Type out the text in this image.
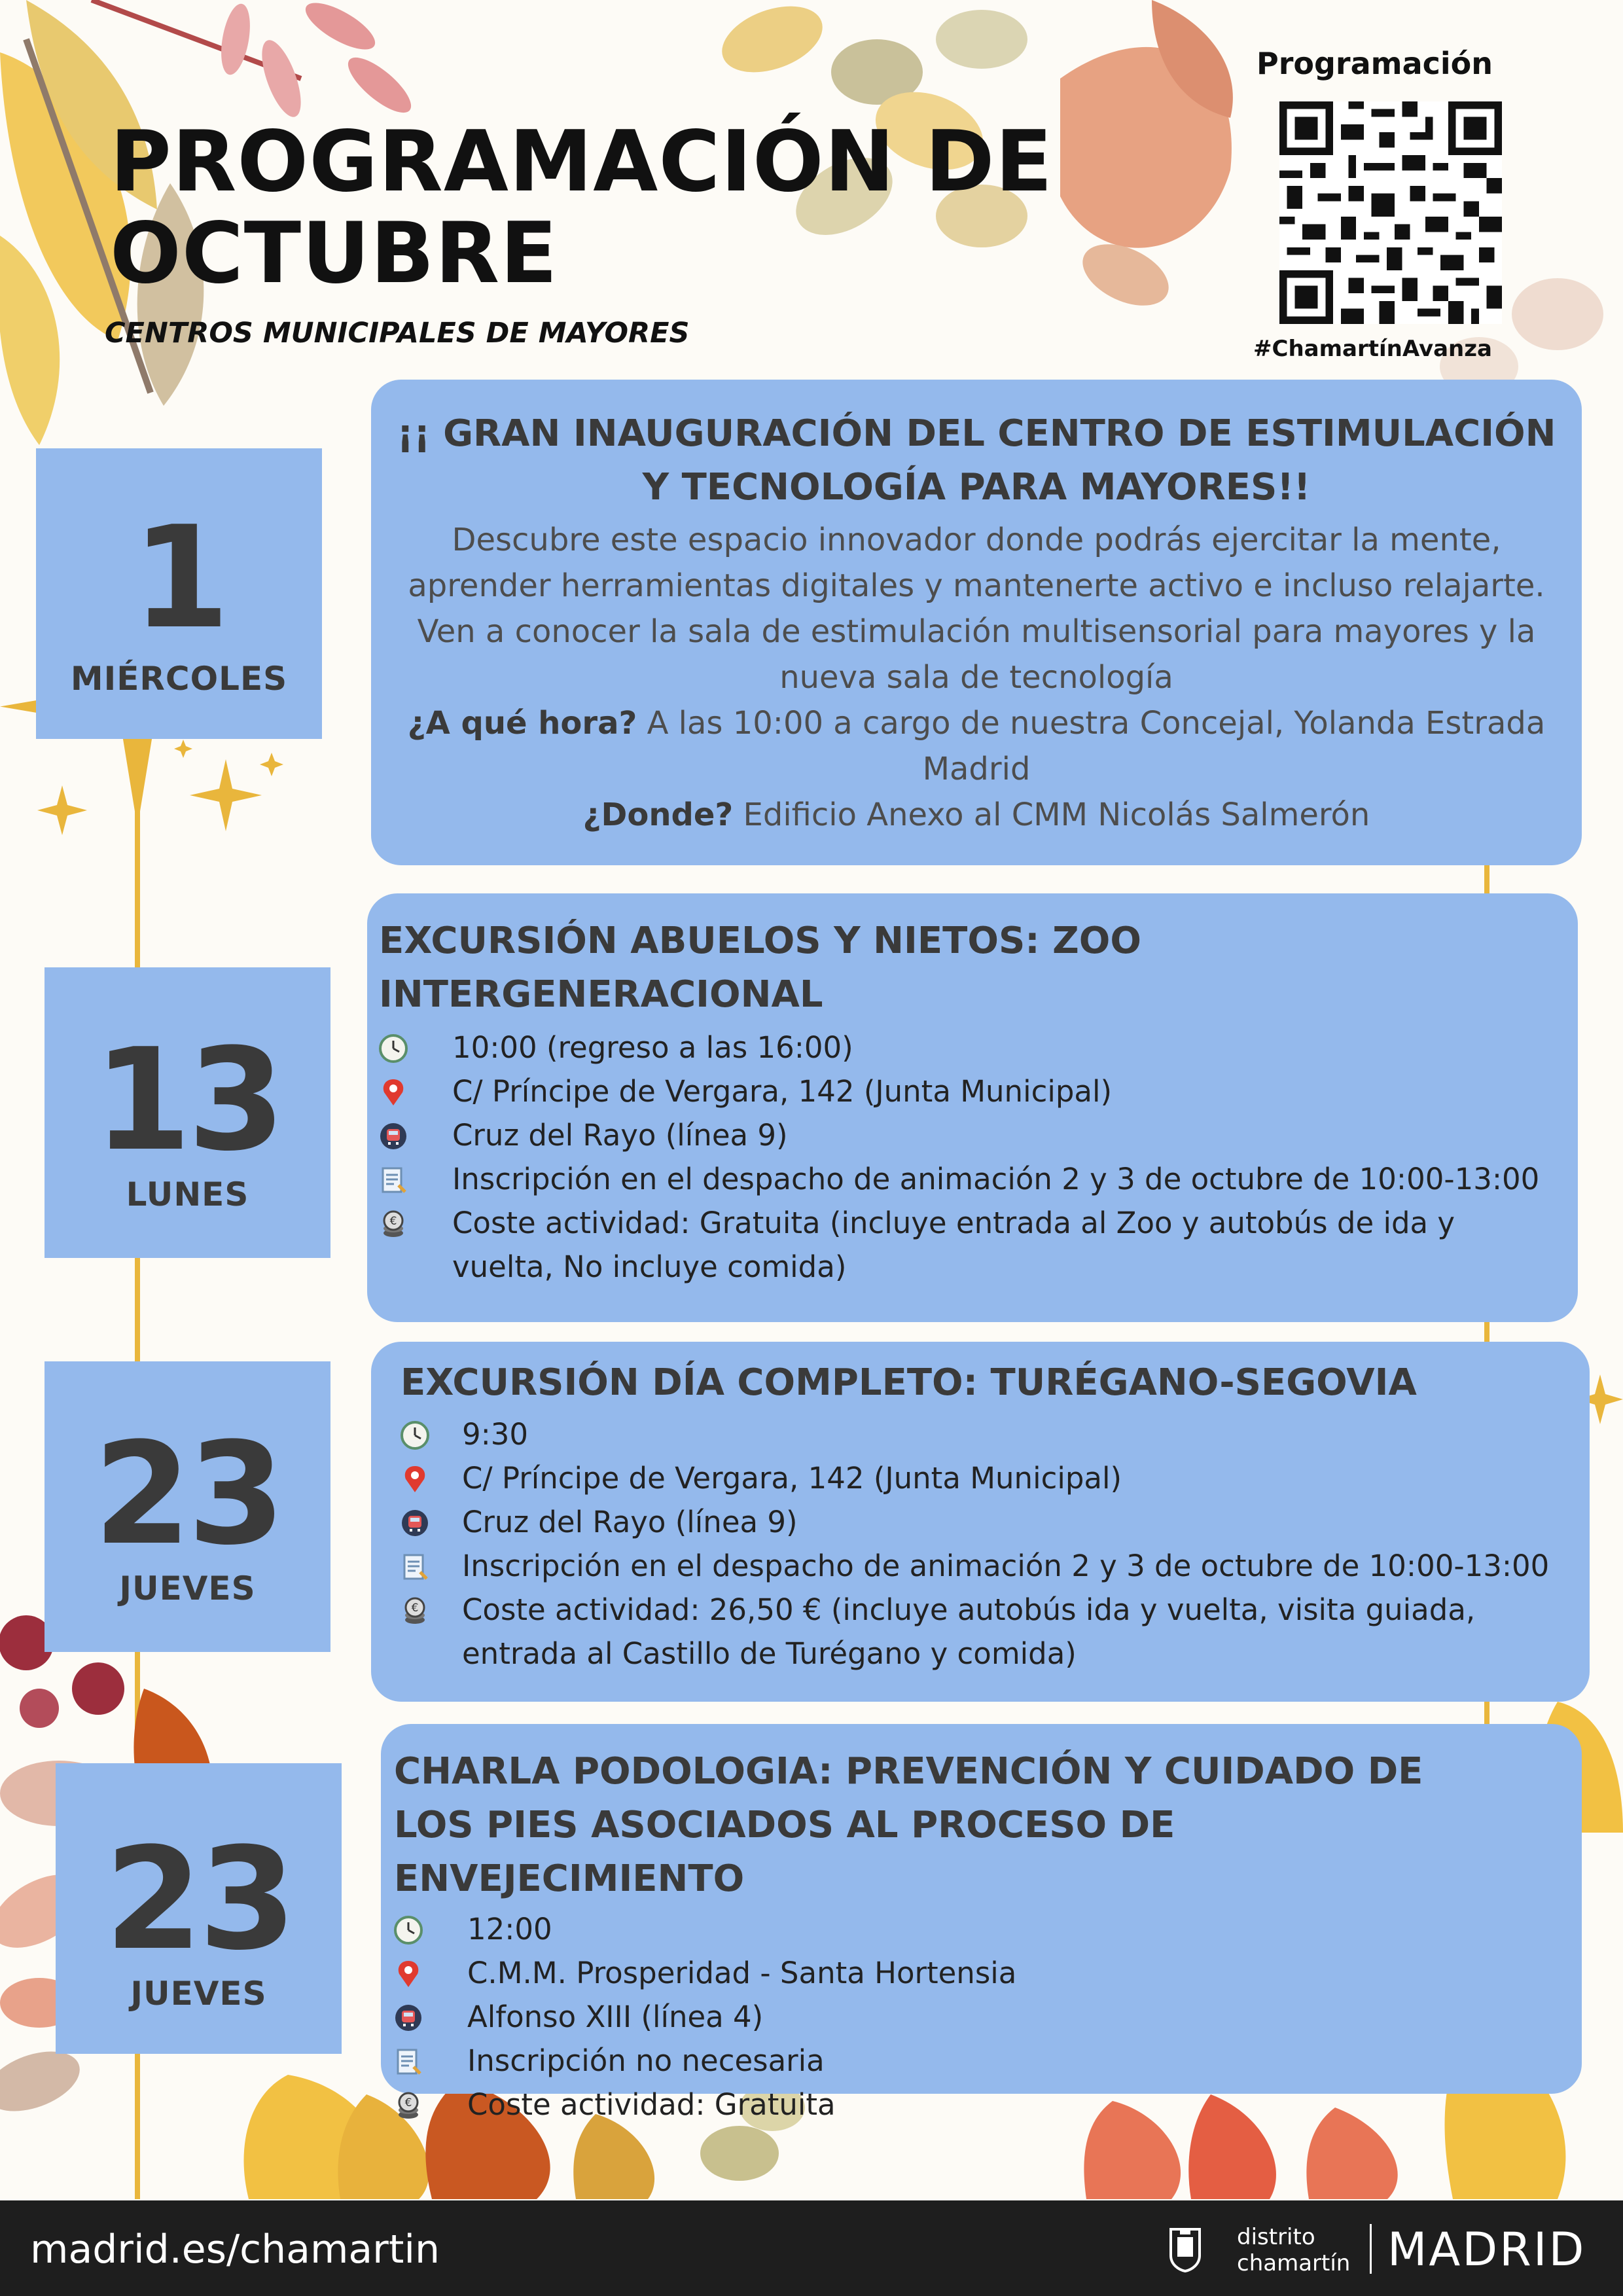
PROGRAMACIÓN DE
OCTUBRE
CENTROS MUNICIPALES DE MAYORES
Programación
#ChamartínAvanza
1
MIÉRCOLES
¡¡ GRAN INAUGURACIÓN DEL CENTRO DE ESTIMULACIÓN Y TECNOLOGÍA PARA MAYORES!!

Descubre este espacio innovador donde podrás ejercitar la mente, aprender herramientas digitales y mantenerte activo e incluso relajarte. Ven a conocer la sala de estimulación multisensorial para mayores y la nueva sala de tecnología

¿A qué hora? A las 10:00 a cargo de nuestra Concejal, Yolanda Estrada Madrid

¿Donde? Edificio Anexo al CMM Nicolás Salmerón

13
LUNES
EXCURSIÓN ABUELOS Y NIETOS: ZOO INTERGENERACIONAL
10:00 (regreso a las 16:00)
C/ Príncipe de Vergara, 142 (Junta Municipal)
Cruz del Rayo (línea 9)
Inscripción en el despacho de animación 2 y 3 de octubre de 10:00-13:00
€ Coste actividad: Gratuita (incluye entrada al Zoo y autobús de ida y vuelta, No incluye comida)
23
JUEVES
EXCURSIÓN DÍA COMPLETO: TURÉGANO-SEGOVIA
9:30
C/ Príncipe de Vergara, 142 (Junta Municipal)
Cruz del Rayo (línea 9)
Inscripción en el despacho de animación 2 y 3 de octubre de 10:00-13:00
€ Coste actividad: 26,50 € (incluye autobús ida y vuelta, visita guiada, entrada al Castillo de Turégano y comida)
23
JUEVES
CHARLA PODOLOGIA: PREVENCIÓN Y CUIDADO DE LOS PIES ASOCIADOS AL PROCESO DE ENVEJECIMIENTO
12:00
C.M.M. Prosperidad - Santa Hortensia
Alfonso XIII (línea 4)
Inscripción no necesaria
€ Coste actividad: Gratuita
madrid.es/chamartin	distrito
chamartín MADRID
